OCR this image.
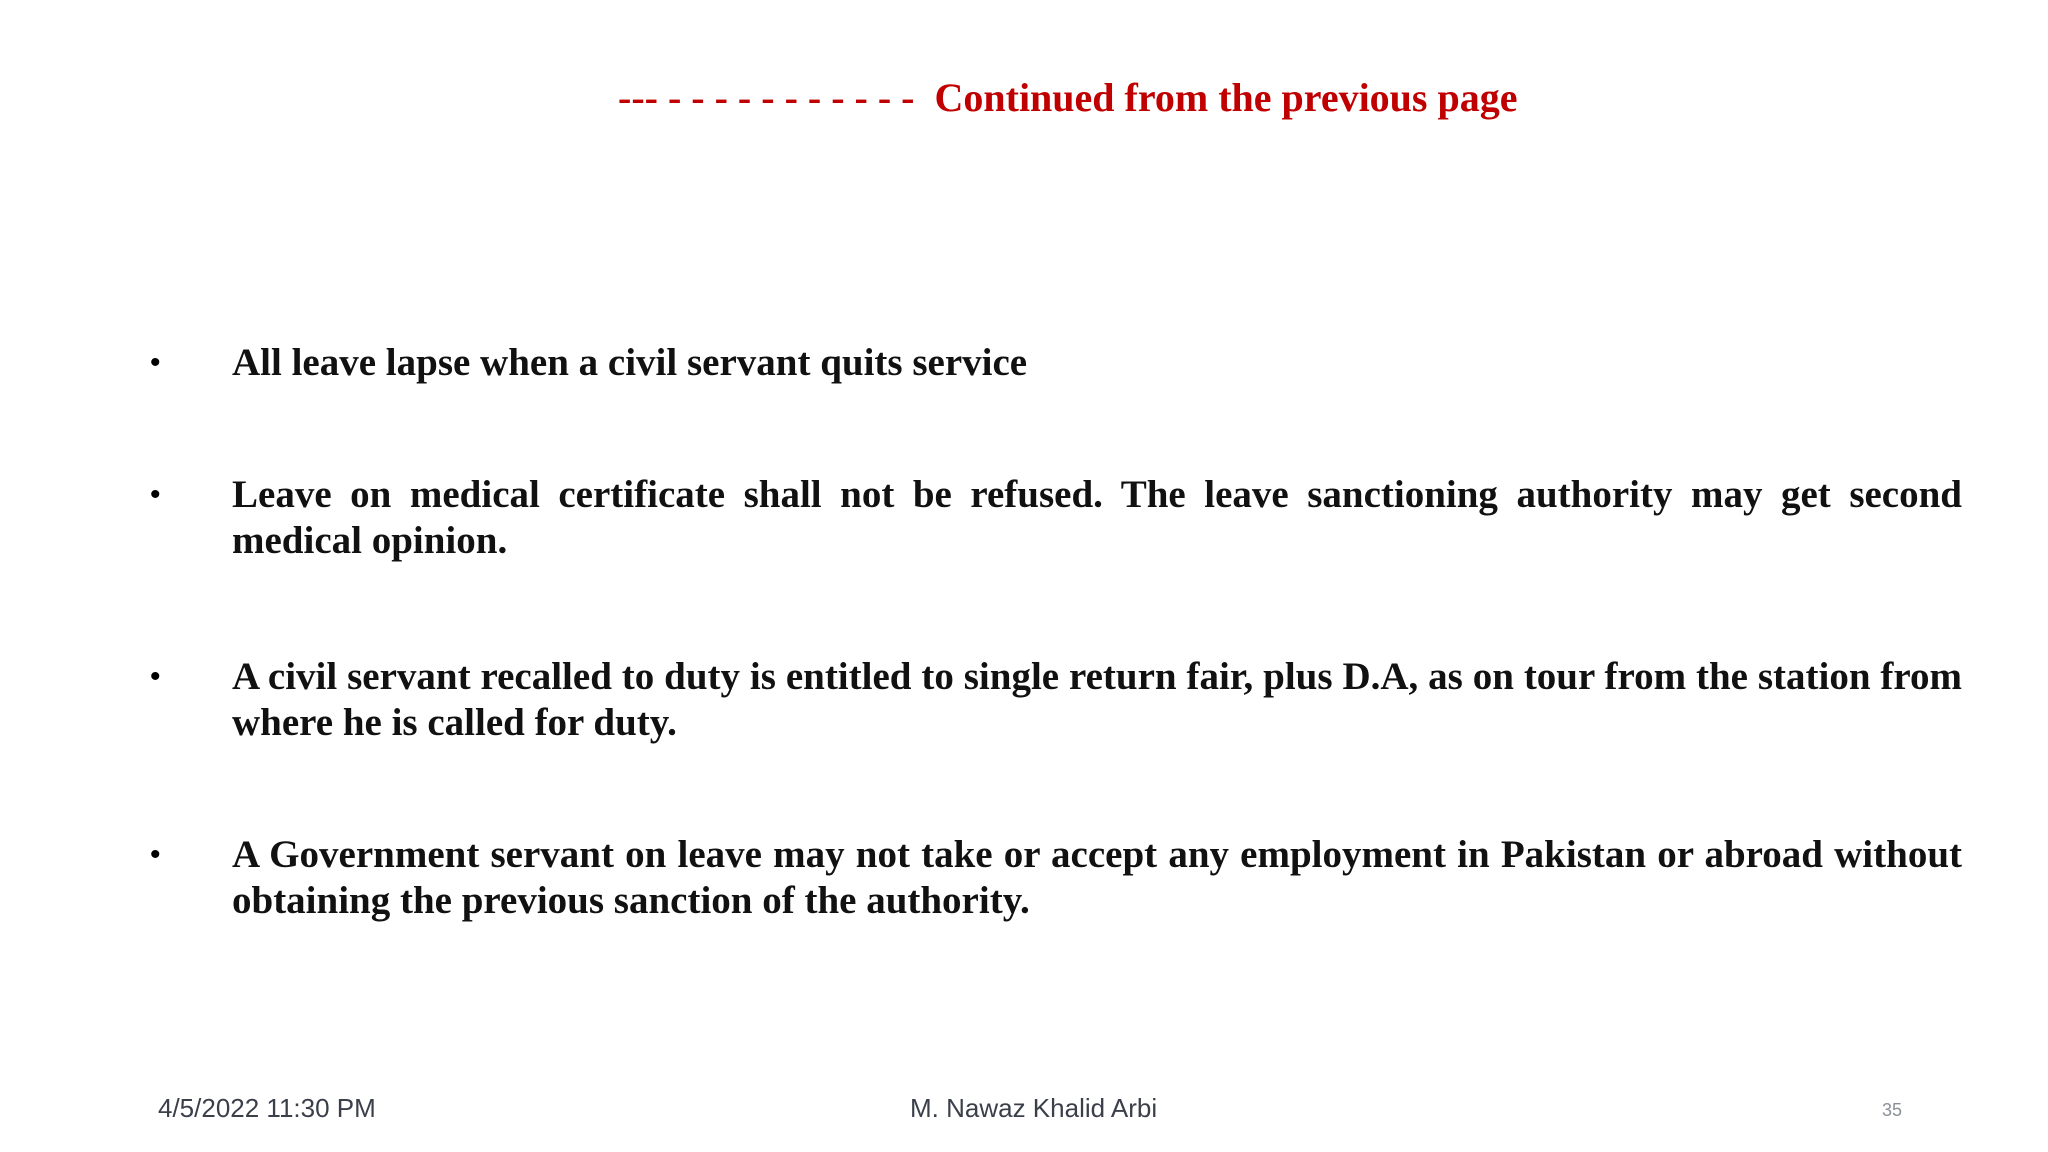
--- - - - - - - - - - - - Continued from the previous page
•	All leave lapse when a civil servant quits service
•	Leave on medical certificate shall not be refused. The leave sanctioning authority may get second medical opinion.
•	A civil servant recalled to duty is entitled to single return fair, plus D.A, as on tour from the station from where he is called for duty.
•	A Government servant on leave may not take or accept any employment in Pakistan or abroad without obtaining the previous sanction of the authority.
4/5/2022 11:30 PM	M. Nawaz Khalid Arbi	35
